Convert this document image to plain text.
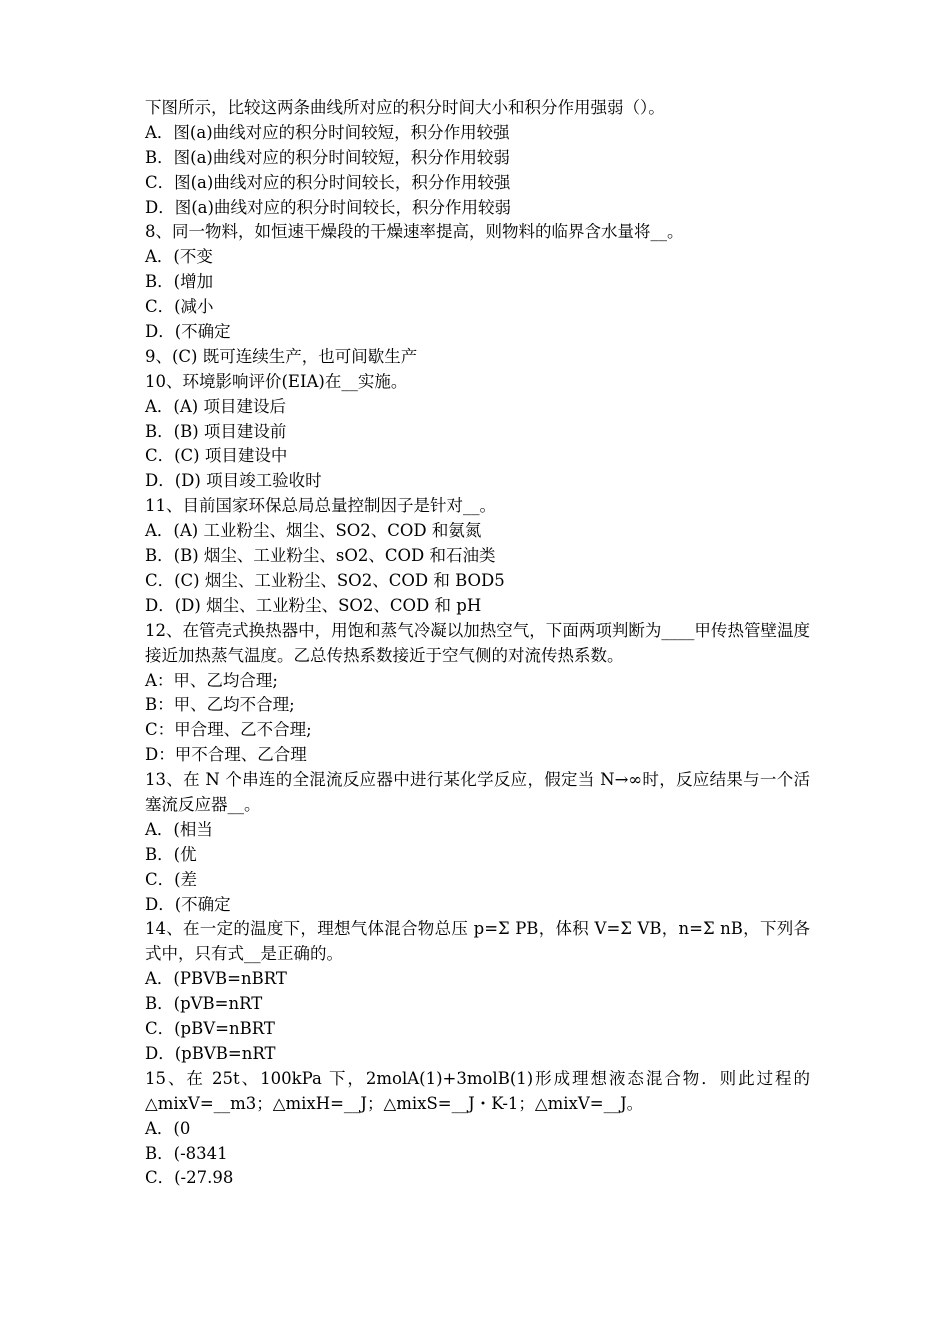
下图所示，比较这两条曲线所对应的积分时间大小和积分作用强弱（）。
A．图(a)曲线对应的积分时间较短，积分作用较强
B．图(a)曲线对应的积分时间较短，积分作用较弱
C．图(a)曲线对应的积分时间较长，积分作用较强
D．图(a)曲线对应的积分时间较长，积分作用较弱
8、同一物料，如恒速干燥段的干燥速率提高，则物料的临界含水量将__。
A．(不变
B．(增加
C．(减小
D．(不确定
9、(C) 既可连续生产，也可间歇生产
10、环境影响评价(EIA)在__实施。
A．(A) 项目建设后
B．(B) 项目建设前
C．(C) 项目建设中
D．(D) 项目竣工验收时
11、目前国家环保总局总量控制因子是针对__。
A．(A) 工业粉尘、烟尘、SO2、COD 和氨氮
B．(B) 烟尘、工业粉尘、sO2、COD 和石油类
C．(C) 烟尘、工业粉尘、SO2、COD 和 BOD5
D．(D) 烟尘、工业粉尘、SO2、COD 和 pH
12、在管壳式换热器中，用饱和蒸气冷凝以加热空气，下面两项判断为____甲传热管壁温度接近加热蒸气温度。乙总传热系数接近于空气侧的对流传热系数。
A：甲、乙均合理;
B：甲、乙均不合理;
C：甲合理、乙不合理;
D：甲不合理、乙合理
13、在 N 个串连的全混流反应器中进行某化学反应，假定当 N→∞时，反应结果与一个活塞流反应器__。
A．(相当
B．(优
C．(差
D．(不确定
14、在一定的温度下，理想气体混合物总压 p=Σ PB，体积 V=Σ VB，n=Σ nB，下列各式中，只有式__是正确的。
A．(PBVB=nBRT
B．(pVB=nRT
C．(pBV=nBRT
D．(pBVB=nRT
15、在 25t、100kPa 下，2molA(1)+3molB(1)形成理想液态混合物．则此过程的△mixV=__m3；△mixH=__J；△mixS=__J・K-1；△mixV=__J。
A．(0
B．(-8341
C．(-27.98
